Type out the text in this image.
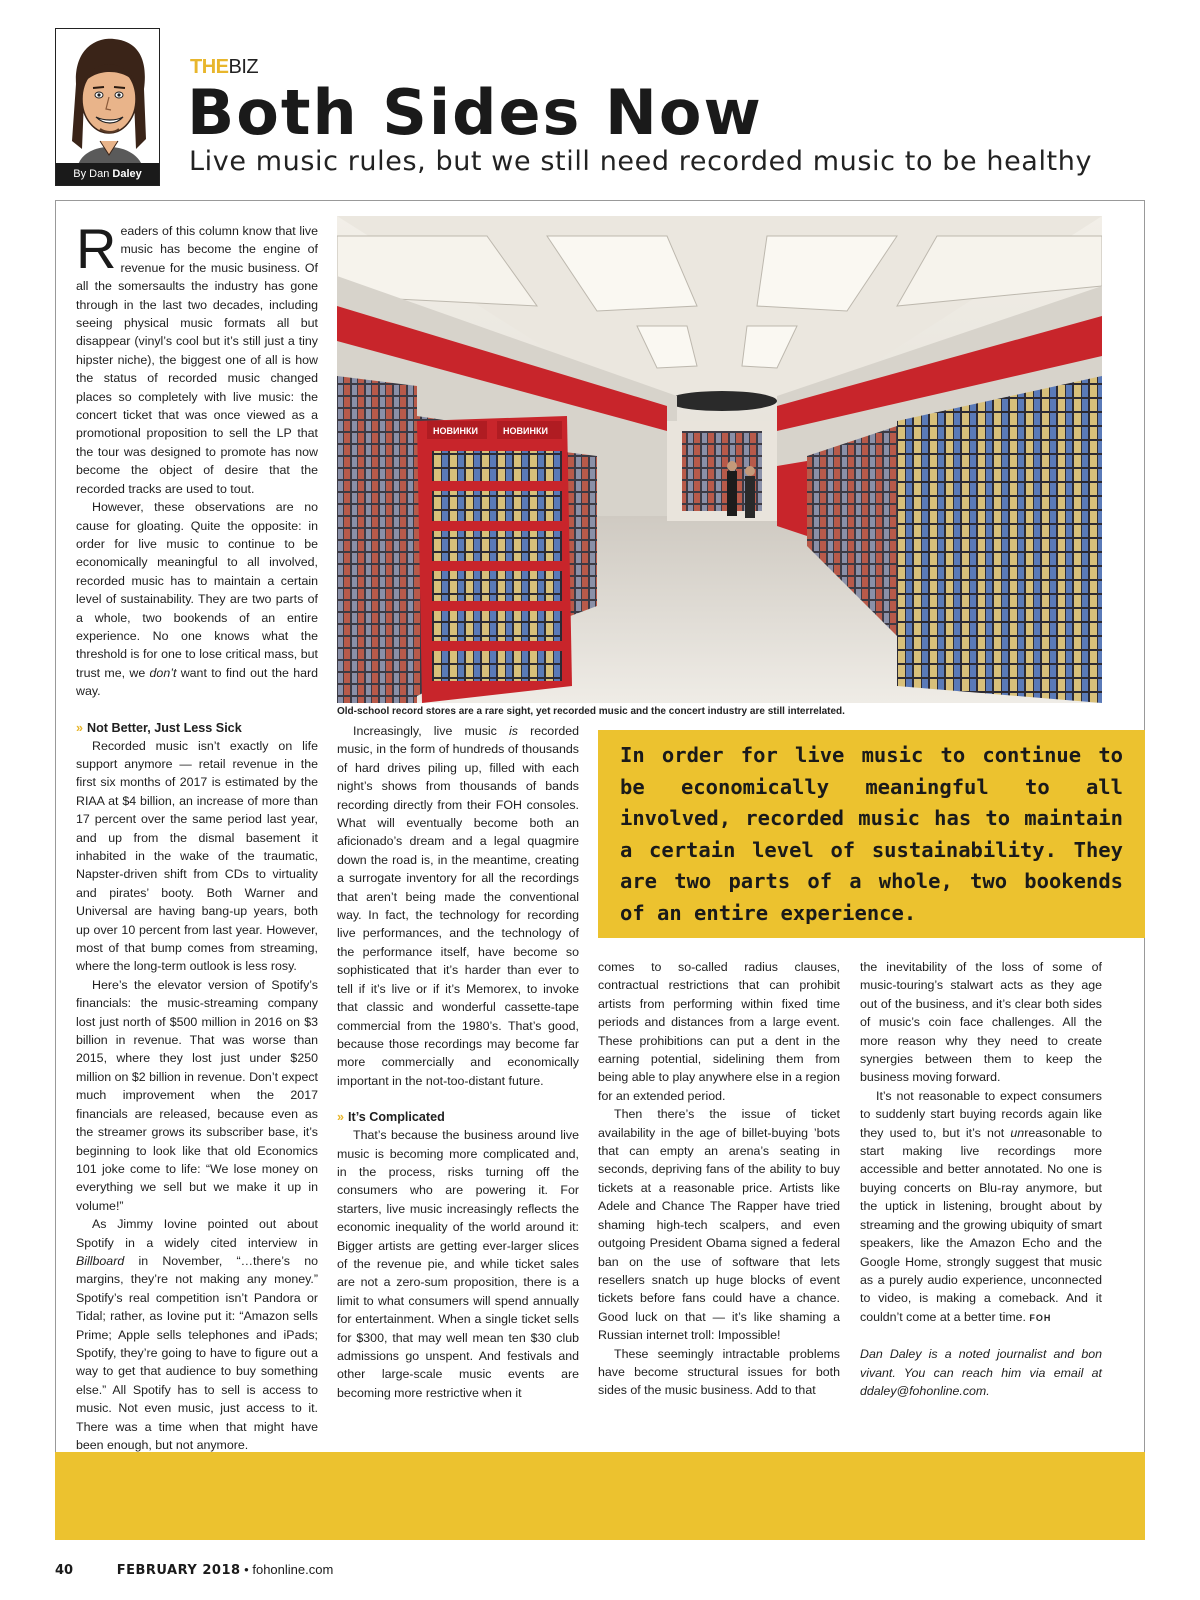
By Dan Daley
THEBIZ
Both Sides Now
Live music rules, but we still need recorded music to be healthy
НОВИНКИ	НОВИНКИ
Old-school record stores are a rare sight, yet recorded music and the concert industry are still interrelated.

In order for live music to continue to be economically meaningful to all involved, recorded music has to maintain a certain level of sustainability. They are two parts of a whole, two bookends of an entire experience.

Readers of this column know that live music has become the engine of revenue for the music business. Of all the somersaults the industry has gone through in the last two decades, including seeing physical music formats all but disappear (vinyl’s cool but it’s still just a tiny hipster niche), the biggest one of all is how the status of recorded music changed places so completely with live music: the concert ticket that was once viewed as a promotional proposition to sell the LP that the tour was designed to promote has now become the object of desire that the recorded tracks are used to tout.

However, these observations are no cause for gloating. Quite the opposite: in order for live music to continue to be economically meaningful to all involved, recorded music has to maintain a certain level of sustainability. They are two parts of a whole, two bookends of an entire experience. No one knows what the threshold is for one to lose critical mass, but trust me, we don’t want to find out the hard way.

» Not Better, Just Less Sick

Recorded music isn’t exactly on life support anymore — retail revenue in the first six months of 2017 is estimated by the RIAA at $4 billion, an increase of more than 17 percent over the same period last year, and up from the dismal basement it inhabited in the wake of the traumatic, Napster-driven shift from CDs to virtuality and pirates’ booty. Both Warner and Universal are having bang-up years, both up over 10 percent from last year. However, most of that bump comes from streaming, where the long-term outlook is less rosy.

Here’s the elevator version of Spotify’s financials: the music-streaming company lost just north of $500 million in 2016 on $3 billion in revenue. That was worse than 2015, where they lost just under $250 million on $2 billion in revenue. Don’t expect much improvement when the 2017 financials are released, because even as the streamer grows its subscriber base, it’s beginning to look like that old Economics 101 joke come to life: “We lose money on everything we sell but we make it up in volume!”

As Jimmy Iovine pointed out about Spotify in a widely cited interview in Billboard in November, “…there’s no margins, they’re not making any money.” Spotify’s real competition isn’t Pandora or Tidal; rather, as Iovine put it: “Amazon sells Prime; Apple sells telephones and iPads; Spotify, they’re going to have to figure out a way to get that audience to buy something else.” All Spotify has to sell is access to music. Not even music, just access to it. There was a time when that might have been enough, but not anymore.

Increasingly, live music is recorded music, in the form of hundreds of thousands of hard drives piling up, filled with each night’s shows from thousands of bands recording directly from their FOH consoles. What will eventually become both an aficionado’s dream and a legal quagmire down the road is, in the meantime, creating a surrogate inventory for all the recordings that aren’t being made the conventional way. In fact, the technology for recording live performances, and the technology of the performance itself, have become so sophisticated that it’s harder than ever to tell if it’s live or if it’s Memorex, to invoke that classic and wonderful cassette-tape commercial from the 1980’s. That’s good, because those recordings may become far more commercially and economically important in the not-too-distant future.

» It’s Complicated

That’s because the business around live music is becoming more complicated and, in the process, risks turning off the consumers who are powering it. For starters, live music increasingly reflects the economic inequality of the world around it: Bigger artists are getting ever-larger slices of the revenue pie, and while ticket sales are not a zero-sum proposition, there is a limit to what consumers will spend annually for entertainment. When a single ticket sells for $300, that may well mean ten $30 club admissions go unspent. And festivals and other large-scale music events are becoming more restrictive when it

comes to so-called radius clauses, contractual restrictions that can prohibit artists from performing within fixed time periods and distances from a large event. These prohibitions can put a dent in the earning potential, sidelining them from being able to play anywhere else in a region for an extended period.

Then there’s the issue of ticket availability in the age of billet-buying ’bots that can empty an arena’s seating in seconds, depriving fans of the ability to buy tickets at a reasonable price. Artists like Adele and Chance The Rapper have tried shaming high-tech scalpers, and even outgoing President Obama signed a federal ban on the use of software that lets resellers snatch up huge blocks of event tickets before fans could have a chance. Good luck on that — it’s like shaming a Russian internet troll: Impossible!

These seemingly intractable problems have become structural issues for both sides of the music business. Add to that

the inevitability of the loss of some of music-touring’s stalwart acts as they age out of the business, and it’s clear both sides of music’s coin face challenges. All the more reason why they need to create synergies between them to keep the business moving forward.

It’s not reasonable to expect consumers to suddenly start buying records again like they used to, but it’s not unreasonable to start making live recordings more accessible and better annotated. No one is buying concerts on Blu-ray anymore, but the uptick in listening, brought about by streaming and the growing ubiquity of smart speakers, like the Amazon Echo and the Google Home, strongly suggest that music as a purely audio experience, unconnected to video, is making a comeback. And it couldn’t come at a better time. FOH

Dan Daley is a noted journalist and bon vivant. You can reach him via email at ddaley@fohonline.com.

40	FEBRUARY 2018 • fohonline.com
